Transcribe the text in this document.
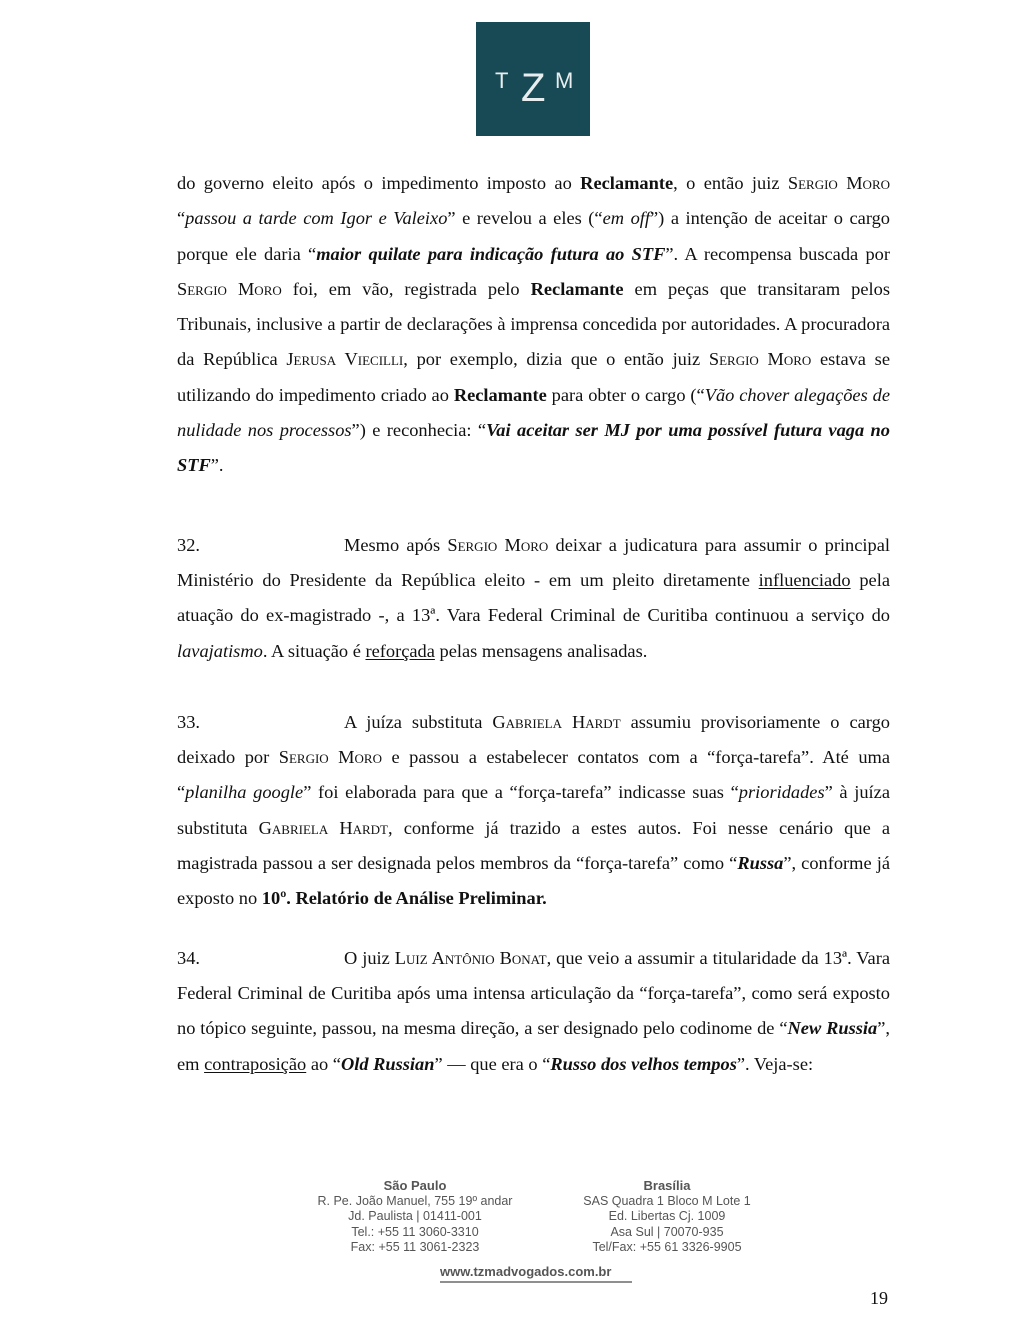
T Z M

do governo eleito após o impedimento imposto ao Reclamante, o então juiz Sergio Moro “passou a tarde com Igor e Valeixo” e revelou a eles (“em off”) a intenção de aceitar o cargo porque ele daria “maior quilate para indicação futura ao STF”. A recompensa buscada por Sergio Moro foi, em vão, registrada pelo Reclamante em peças que transitaram pelos Tribunais, inclusive a partir de declarações à imprensa concedida por autoridades. A procuradora da República Jerusa Viecilli, por exemplo, dizia que o então juiz Sergio Moro estava se utilizando do impedimento criado ao Reclamante para obter o cargo (“Vão chover alegações de nulidade nos processos”) e reconhecia: “Vai aceitar ser MJ por uma possível futura vaga no STF”.

32.	Mesmo após Sergio Moro deixar a judicatura para assumir o principal Ministério do Presidente da República eleito - em um pleito diretamente influenciado pela atuação do ex-magistrado -, a 13ª. Vara Federal Criminal de Curitiba continuou a serviço do lavajatismo. A situação é reforçada pelas mensagens analisadas.

33.	A juíza substituta Gabriela Hardt assumiu provisoriamente o cargo deixado por Sergio Moro e passou a estabelecer contatos com a “força-tarefa”. Até uma “planilha google” foi elaborada para que a “força-tarefa” indicasse suas “prioridades” à juíza substituta Gabriela Hardt, conforme já trazido a estes autos. Foi nesse cenário que a magistrada passou a ser designada pelos membros da “força-tarefa” como “Russa”, conforme já exposto no 10º. Relatório de Análise Preliminar.

34.	O juiz Luiz Antônio Bonat, que veio a assumir a titularidade da 13ª. Vara Federal Criminal de Curitiba após uma intensa articulação da “força-tarefa”, como será exposto no tópico seguinte, passou, na mesma direção, a ser designado pelo codinome de “New Russia”, em contraposição ao “Old Russian” — que era o “Russo dos velhos tempos”. Veja-se:

São Paulo
R. Pe. João Manuel, 755 19º andar
Jd. Paulista | 01411-001
Tel.: +55 11 3060-3310
Fax: +55 11 3061-2323
Brasília
SAS Quadra 1 Bloco M Lote 1
Ed. Libertas Cj. 1009
Asa Sul | 70070-935
Tel/Fax: +55 61 3326-9905
www.tzmadvogados.com.br
19
